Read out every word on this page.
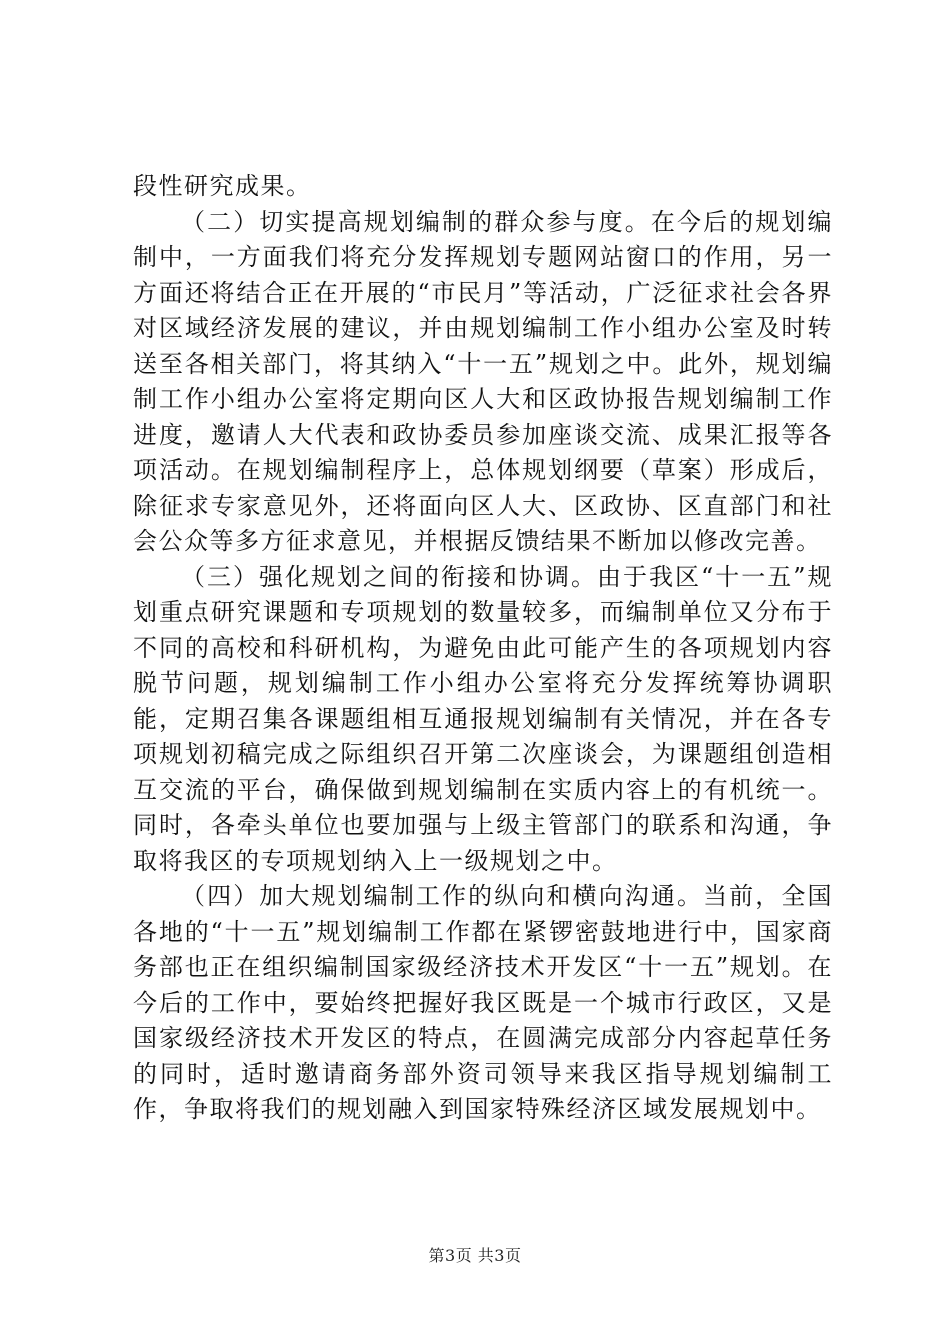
段性研究成果。

（二）切实提高规划编制的群众参与度。在今后的规划编制中，一方面我们将充分发挥规划专题网站窗口的作用，另一方面还将结合正在开展的“市民月”等活动，广泛征求社会各界对区域经济发展的建议，并由规划编制工作小组办公室及时转送至各相关部门，将其纳入“十一五”规划之中。此外，规划编制工作小组办公室将定期向区人大和区政协报告规划编制工作进度，邀请人大代表和政协委员参加座谈交流、成果汇报等各项活动。在规划编制程序上，总体规划纲要（草案）形成后，除征求专家意见外，还将面向区人大、区政协、区直部门和社会公众等多方征求意见，并根据反馈结果不断加以修改完善。

（三）强化规划之间的衔接和协调。由于我区“十一五”规划重点研究课题和专项规划的数量较多，而编制单位又分布于不同的高校和科研机构，为避免由此可能产生的各项规划内容脱节问题，规划编制工作小组办公室将充分发挥统筹协调职能，定期召集各课题组相互通报规划编制有关情况，并在各专项规划初稿完成之际组织召开第二次座谈会，为课题组创造相互交流的平台，确保做到规划编制在实质内容上的有机统一。同时，各牵头单位也要加强与上级主管部门的联系和沟通，争取将我区的专项规划纳入上一级规划之中。

（四）加大规划编制工作的纵向和横向沟通。当前，全国各地的“十一五”规划编制工作都在紧锣密鼓地进行中，国家商务部也正在组织编制国家级经济技术开发区“十一五”规划。在今后的工作中，要始终把握好我区既是一个城市行政区，又是国家级经济技术开发区的特点，在圆满完成部分内容起草任务的同时，适时邀请商务部外资司领导来我区指导规划编制工作，争取将我们的规划融入到国家特殊经济区域发展规划中。

第3页 共3页
